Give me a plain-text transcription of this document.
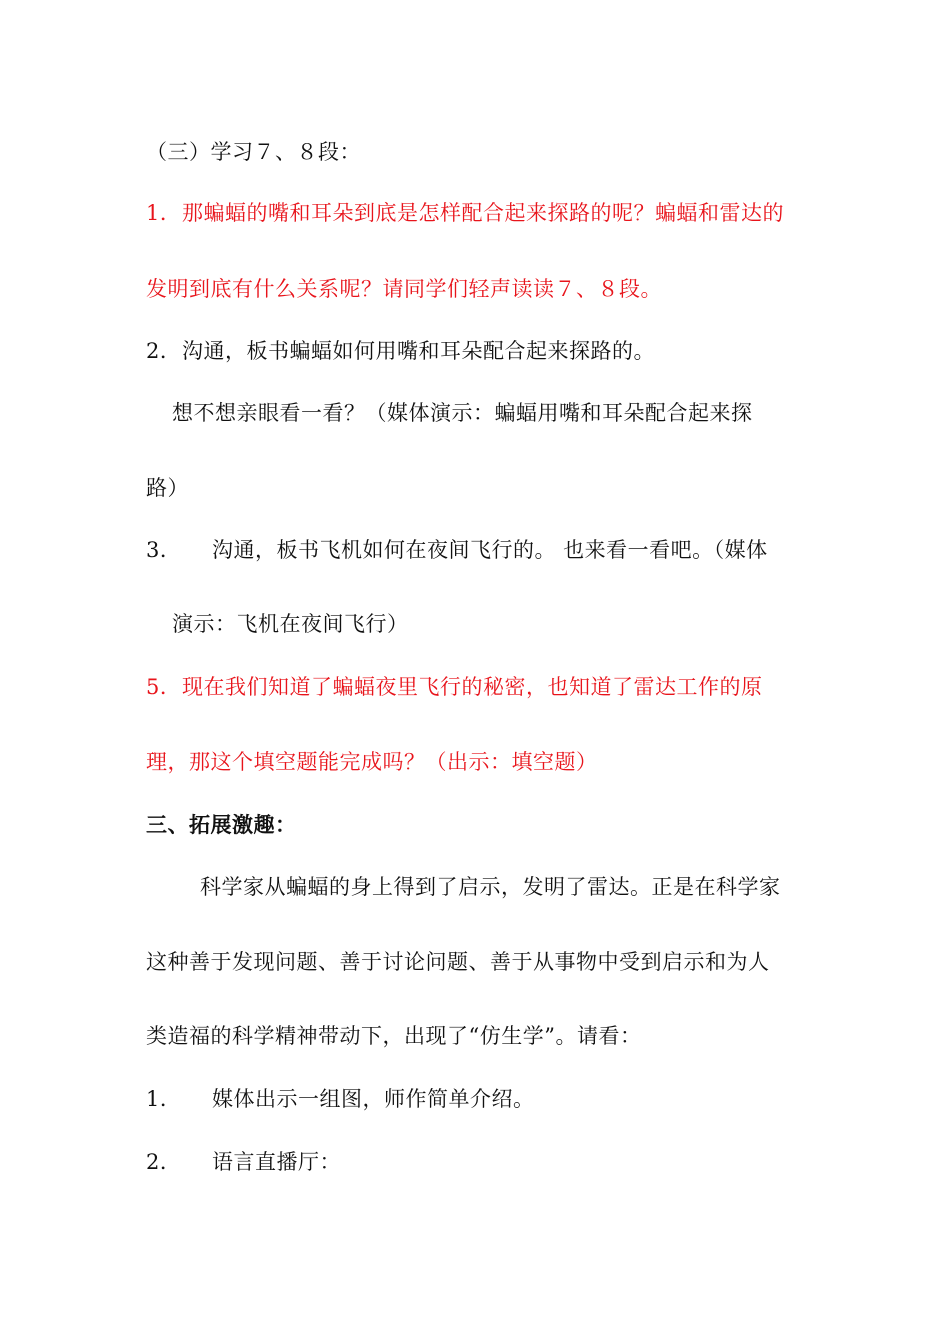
（三）学习７、８段：
1．那蝙蝠的嘴和耳朵到底是怎样配合起来探路的呢？蝙蝠和雷达的
发明到底有什么关系呢？请同学们轻声读读７、８段。
2．沟通，板书蝙蝠如何用嘴和耳朵配合起来探路的。
想不想亲眼看一看？（媒体演示：蝙蝠用嘴和耳朵配合起来探
路）
3． 沟通，板书飞机如何在夜间飞行的。 也来看一看吧。（媒体
演示：飞机在夜间飞行）
5．现在我们知道了蝙蝠夜里飞行的秘密，也知道了雷达工作的原
理，那这个填空题能完成吗？（出示：填空题）
三、拓展激趣：
科学家从蝙蝠的身上得到了启示，发明了雷达。正是在科学家
这种善于发现问题、善于讨论问题、善于从事物中受到启示和为人
类造福的科学精神带动下，出现了“仿生学”。请看：
1． 媒体出示一组图，师作简单介绍。
2． 语言直播厅：
